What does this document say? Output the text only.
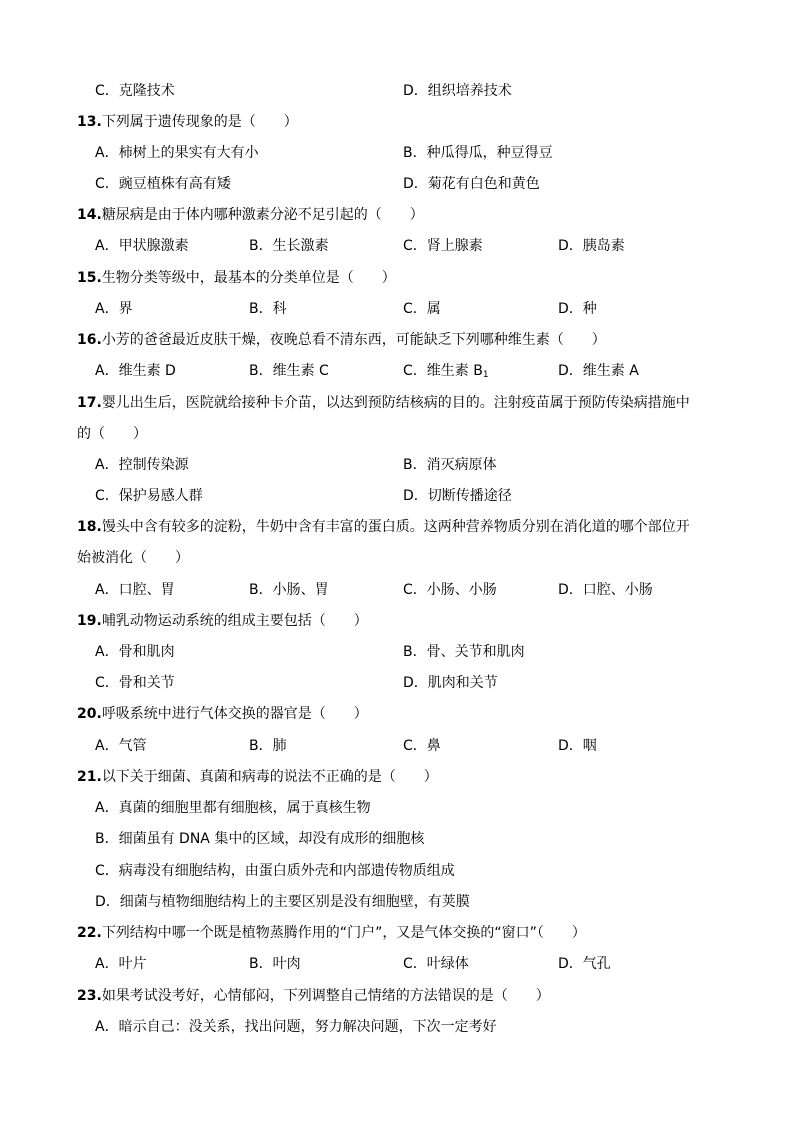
C．克隆技术	D．组织培养技术
13.下列属于遗传现象的是（　　）
A．柿树上的果实有大有小	B．种瓜得瓜，种豆得豆
C．豌豆植株有高有矮	D．菊花有白色和黄色
14.糖尿病是由于体内哪种激素分泌不足引起的（　　）
A．甲状腺激素	B．生长激素	C．肾上腺素	D．胰岛素
15.生物分类等级中，最基本的分类单位是（　　）
A．界	B．科	C．属	D．种
16.小芳的爸爸最近皮肤干燥，夜晚总看不清东西，可能缺乏下列哪种维生素（　　）
A．维生素 D	B．维生素 C	C．维生素 $B_1$	D．维生素 A
17.婴儿出生后，医院就给接种卡介苗，以达到预防结核病的目的。注射疫苗属于预防传染病措施中
的（　　）
A．控制传染源	B．消灭病原体
C．保护易感人群	D．切断传播途径
18.馒头中含有较多的淀粉，牛奶中含有丰富的蛋白质。这两种营养物质分别在消化道的哪个部位开
始被消化（　　）
A．口腔、胃	B．小肠、胃	C．小肠、小肠	D．口腔、小肠
19.哺乳动物运动系统的组成主要包括（　　）
A．骨和肌肉	B．骨、关节和肌肉
C．骨和关节	D．肌肉和关节
20.呼吸系统中进行气体交换的器官是（　　）
A．气管	B．肺	C．鼻	D．咽
21.以下关于细菌、真菌和病毒的说法不正确的是（　　）
A．真菌的细胞里都有细胞核，属于真核生物
B．细菌虽有 DNA 集中的区域，却没有成形的细胞核
C．病毒没有细胞结构，由蛋白质外壳和内部遗传物质组成
D．细菌与植物细胞结构上的主要区别是没有细胞壁，有荚膜
22.下列结构中哪一个既是植物蒸腾作用的“门户”，又是气体交换的“窗口”（　　）
A．叶片	B．叶肉	C．叶绿体	D．气孔
23.如果考试没考好，心情郁闷，下列调整自己情绪的方法错误的是（　　）
A．暗示自己：没关系，找出问题，努力解决问题，下次一定考好
